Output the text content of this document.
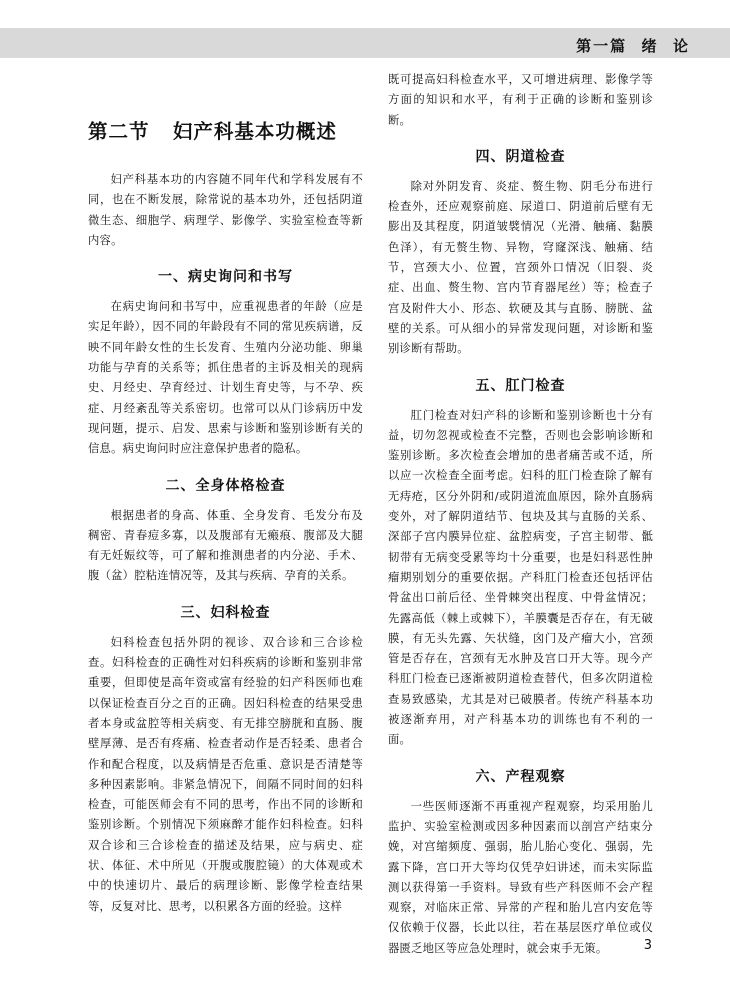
第一篇  绪  论
第二节   妇产科基本功概述

妇产科基本功的内容随不同年代和学科发展有不同，也在不断发展，除常说的基本功外，还包括阴道微生态、细胞学、病理学、影像学、实验室检查等新内容。

一、病史询问和书写

在病史询问和书写中，应重视患者的年龄（应是实足年龄），因不同的年龄段有不同的常见疾病谱，反映不同年龄女性的生长发育、生殖内分泌功能、卵巢功能与孕育的关系等；抓住患者的主诉及相关的现病史、月经史、孕育经过、计划生育史等，与不孕、疾症、月经紊乱等关系密切。也常可以从门诊病历中发现问题，提示、启发、思索与诊断和鉴别诊断有关的信息。病史询问时应注意保护患者的隐私。

二、全身体格检查

根据患者的身高、体重、全身发育、毛发分布及稠密、青春痘多寡，以及腹部有无瘢痕、腹部及大腿有无妊娠纹等，可了解和推测患者的内分泌、手术、腹（盆）腔粘连情况等，及其与疾病、孕育的关系。

三、妇科检查

妇科检查包括外阴的视诊、双合诊和三合诊检查。妇科检查的正确性对妇科疾病的诊断和鉴别非常重要，但即使是高年资或富有经验的妇产科医师也难以保证检查百分之百的正确。因妇科检查的结果受患者本身或盆腔等相关病变、有无排空膀胱和直肠、腹壁厚薄、是否有疼痛、检查者动作是否轻柔、患者合作和配合程度，以及病情是否危重、意识是否清楚等多种因素影响。非紧急情况下，间隔不同时间的妇科检查，可能医师会有不同的思考，作出不同的诊断和鉴别诊断。个别情况下须麻醉才能作妇科检查。妇科双合诊和三合诊检查的描述及结果，应与病史、症状、体征、术中所见（开腹或腹腔镜）的大体观或术中的快速切片、最后的病理诊断、影像学检查结果等，反复对比、思考，以积累各方面的经验。这样

既可提高妇科检查水平，又可增进病理、影像学等方面的知识和水平，有利于正确的诊断和鉴别诊断。

四、阴道检查

除对外阴发育、炎症、赘生物、阴毛分布进行检查外，还应观察前庭、尿道口、阴道前后壁有无膨出及其程度，阴道皱襞情况（光滑、触痛、黏膜色泽），有无赘生物、异物，穹窿深浅、触痛、结节，宫颈大小、位置，宫颈外口情况（旧裂、炎症、出血、赘生物、宫内节育器尾丝）等；检查子宫及附件大小、形态、软硬及其与直肠、膀胱、盆壁的关系。可从细小的异常发现问题，对诊断和鉴别诊断有帮助。

五、肛门检查

肛门检查对妇产科的诊断和鉴别诊断也十分有益，切勿忽视或检查不完整，否则也会影响诊断和鉴别诊断。多次检查会增加的患者痛苦或不适，所以应一次检查全面考虑。妇科的肛门检查除了解有无痔疮，区分外阴和/或阴道流血原因，除外直肠病变外，对了解阴道结节、包块及其与直肠的关系、深部子宫内膜异位症、盆腔病变，子宫主韧带、骶韧带有无病变受累等均十分重要，也是妇科恶性肿瘤期别划分的重要依据。产科肛门检查还包括评估骨盆出口前后径、坐骨棘突出程度、中骨盆情况；先露高低（棘上或棘下），羊膜囊是否存在，有无破膜，有无头先露、矢状缝，囟门及产瘤大小，宫颈管是否存在，宫颈有无水肿及宫口开大等。现今产科肛门检查已逐渐被阴道检查替代，但多次阴道检查易致感染，尤其是对已破膜者。传统产科基本功被逐渐弃用，对产科基本功的训练也有不利的一面。

六、产程观察

一些医师逐渐不再重视产程观察，均采用胎儿监护、实验室检测或因多种因素而以剖宫产结束分娩，对宫缩频度、强弱，胎儿胎心变化、强弱，先露下降，宫口开大等均仅凭孕妇讲述，而未实际监测以获得第一手资料。导致有些产科医师不会产程观察，对临床正常、异常的产程和胎儿宫内安危等仅依赖于仪器，长此以往，若在基层医疗单位或仪器匮乏地区等应急处理时，就会束手无策。	3
